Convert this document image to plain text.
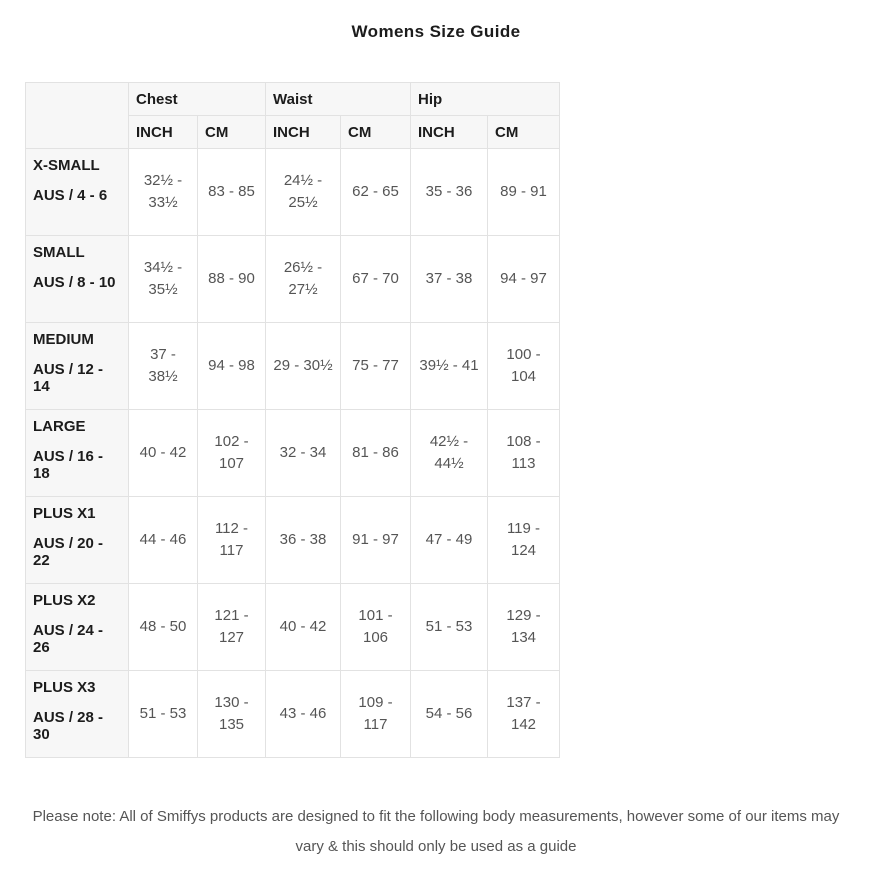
Womens Size Guide
	Chest		Waist		Hip	
	INCH	CM	INCH	CM	INCH	CM

X-SMALL

AUS / 4 - 6	32½ - 33½	83 - 85	24½ - 25½	62 - 65	35 - 36	89 - 91

SMALL

AUS / 8 - 10	34½ - 35½	88 - 90	26½ - 27½	67 - 70	37 - 38	94 - 97

MEDIUM

AUS / 12 - 14	37 - 38½	94 - 98	29 - 30½	75 - 77	39½ - 41	100 - 104

LARGE

AUS / 16 - 18	40 - 42	102 - 107	32 - 34	81 - 86	42½ - 44½	108 - 113

PLUS X1

AUS / 20 - 22	44 - 46	112 - 117	36 - 38	91 - 97	47 - 49	119 - 124

PLUS X2

AUS / 24 - 26	48 - 50	121 - 127	40 - 42	101 - 106	51 - 53	129 - 134

PLUS X3

AUS / 28 - 30	51 - 53	130 - 135	43 - 46	109 - 117	54 - 56	137 - 142

Please note: All of Smiffys products are designed to fit the following body measurements, however some of our items may vary & this should only be used as a guide
